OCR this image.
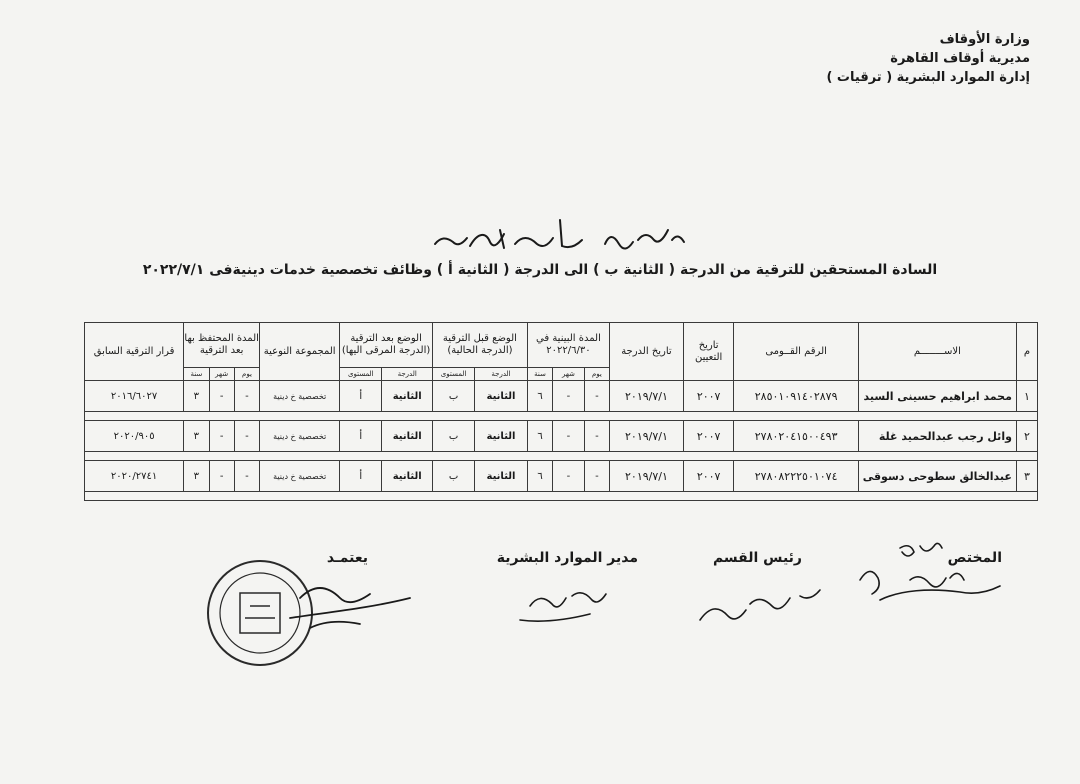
وزارة الأوقاف
مديرية أوقاف القاهرة
إدارة الموارد البشرية ( ترقيات )
السادة المستحقين للترقية من الدرجة ( الثانية ب ) الى الدرجة ( الثانية أ ) وظائف تخصصية خدمات دينيةفى ٢٠٢٢/٧/١
م	الاســــــــم	الرقم القــومى	تاريخ التعيين	تاريخ الدرجة	المدة البينية في ٢٠٢٢/٦/٣٠			الوضع قبل الترقية (الدرجة الحالية)		الوضع بعد الترقية (الدرجة المرقى اليها)		المجموعة النوعية	المدة المحتفظ بها بعد الترقية			قرار الترقية السابق
					يوم	شهر	سنة	الدرجة	المستوى	الدرجة	المستوى		يوم	شهر	سنة	
١	محمد ابراهيم حسينى السيد	٢٨٥٠١٠٩١٤٠٢٨٧٩	٢٠٠٧	٢٠١٩/٧/١	-	-	٦	الثانية	ب	الثانية	أ	تخصصية خ دينية	-	-	٣	٢٠١٦/٦٠٢٧

٢	وائل رجب عبدالحميد غلة	٢٧٨٠٢٠٤١٥٠٠٤٩٣	٢٠٠٧	٢٠١٩/٧/١	-	-	٦	الثانية	ب	الثانية	أ	تخصصية خ دينية	-	-	٣	٢٠٢٠/٩٠٥

٣	عبدالخالق سطوحى دسوقى	٢٧٨٠٨٢٢٢٥٠١٠٧٤	٢٠٠٧	٢٠١٩/٧/١	-	-	٦	الثانية	ب	الثانية	أ	تخصصية خ دينية	-	-	٣	٢٠٢٠/٢٧٤١

المختص
رئيس القسم
مدير الموارد البشرية
يعتمـد
